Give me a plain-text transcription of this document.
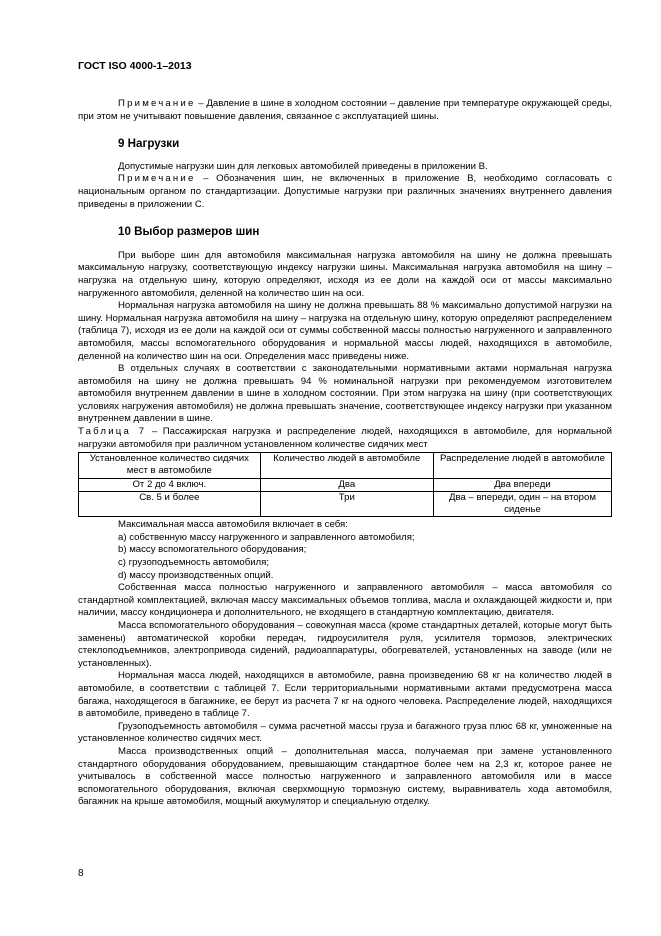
ГОСТ ISO 4000-1–2013

Примечание – Давление в шине в холодном состоянии – давление при температуре окружающей среды, при этом не учитывают повышение давления, связанное с эксплуатацией шины.

9 Нагрузки

Допустимые нагрузки шин для легковых автомобилей приведены в приложении B.

Примечание – Обозначения шин, не включенных в приложение B, необходимо согласовать с национальным органом по стандартизации. Допустимые нагрузки при различных значениях внутреннего давления приведены в приложении C.

10 Выбор размеров шин

При выборе шин для автомобиля максимальная нагрузка автомобиля на шину не должна превышать максимальную нагрузку, соответствующую индексу нагрузки шины. Максимальная нагрузка автомобиля на шину – нагрузка на отдельную шину, которую определяют, исходя из ее доли на каждой оси от массы максимально нагруженного автомобиля, деленной на количество шин на оси.

Нормальная нагрузка автомобиля на шину не должна превышать 88 % максимально допустимой нагрузки на шину. Нормальная нагрузка автомобиля на шину – нагрузка на отдельную шину, которую определяют распределением (таблица 7), исходя из ее доли на каждой оси от суммы собственной массы полностью нагруженного и заправленного автомобиля, массы вспомогательного оборудования и нормальной массы людей, находящихся в автомобиле, деленной на количество шин на оси. Определения масс приведены ниже.

В отдельных случаях в соответствии с законодательными нормативными актами нормальная нагрузка автомобиля на шину не должна превышать 94 % номинальной нагрузки при рекомендуемом изготовителем автомобиля внутреннем давлении в шине в холодном состоянии. При этом нагрузка на шину (при соответствующих условиях нагружения автомобиля) не должна превышать значение, соответствующее индексу нагрузки при указанном внутреннем давлении в шине.

Таблица 7 – Пассажирская нагрузка и распределение людей, находящихся в автомобиле, для нормальной нагрузки автомобиля при различном установленном количестве сидячих мест

Установленное количество сидячих мест в автомобиле	Количество людей в автомобиле	Распределение людей в автомобиле
От 2 до 4 включ.	Два	Два впереди
Св. 5 и более	Три	Два – впереди, один – на втором сиденье

Максимальная масса автомобиля включает в себя:

а) собственную массу нагруженного и заправленного автомобиля;

b) массу вспомогательного оборудования;

c) грузоподъемность автомобиля;

d) массу производственных опций.

Собственная масса полностью нагруженного и заправленного автомобиля – масса автомобиля со стандартной комплектацией, включая массу максимальных объемов топлива, масла и охлаждающей жидкости и, при наличии, массу кондиционера и дополнительного, не входящего в стандартную комплектацию, двигателя.

Масса вспомогательного оборудования – совокупная масса (кроме стандартных деталей, которые могут быть заменены) автоматической коробки передач, гидроусилителя руля, усилителя тормозов, электрических стеклоподъемников, электропривода сидений, радиоаппаратуры, обогревателей, установленных на заводе (или не установленных).

Нормальная масса людей, находящихся в автомобиле, равна произведению 68 кг на количество людей в автомобиле, в соответствии с таблицей 7. Если территориальными нормативными актами предусмотрена масса багажа, находящегося в багажнике, ее берут из расчета 7 кг на одного человека. Распределение людей, находящихся в автомобиле, приведено в таблице 7.

Грузоподъемность автомобиля – сумма расчетной массы груза и багажного груза плюс 68 кг, умноженные на установленное количество сидячих мест.

Масса производственных опций – дополнительная масса, получаемая при замене установленного стандартного оборудования оборудованием, превышающим стандартное более чем на 2,3 кг, которое ранее не учитывалось в собственной массе полностью нагруженного и заправленного автомобиля или в массе вспомогательного оборудования, включая сверхмощную тормозную систему, выравниватель хода автомобиля, багажник на крыше автомобиля, мощный аккумулятор и специальную отделку.

8
